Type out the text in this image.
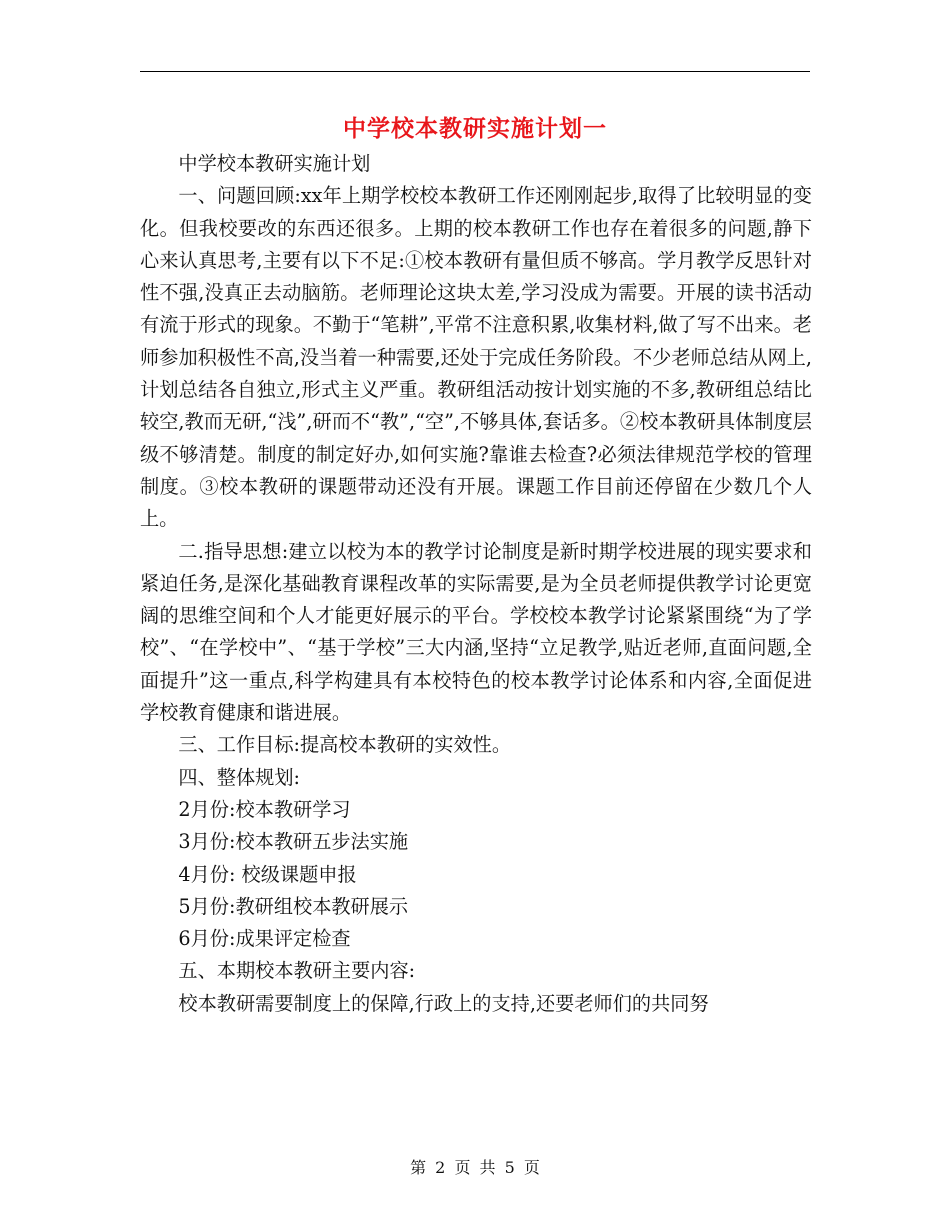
中学校本教研实施计划一

中学校本教研实施计划

一、问题回顾:xx年上期学校校本教研工作还刚刚起步,取得了比较明显的变化。但我校要改的东西还很多。上期的校本教研工作也存在着很多的问题,静下心来认真思考,主要有以下不足:①校本教研有量但质不够高。学月教学反思针对性不强,没真正去动脑筋。老师理论这块太差,学习没成为需要。开展的读书活动有流于形式的现象。不勤于“笔耕”,平常不注意积累,收集材料,做了写不出来。老师参加积极性不高,没当着一种需要,还处于完成任务阶段。不少老师总结从网上,计划总结各自独立,形式主义严重。教研组活动按计划实施的不多,教研组总结比较空,教而无研,“浅”,研而不“教”,“空”,不够具体,套话多。②校本教研具体制度层级不够清楚。制度的制定好办,如何实施?靠谁去检查?必须法律规范学校的管理制度。③校本教研的课题带动还没有开展。课题工作目前还停留在少数几个人上。

二.指导思想:建立以校为本的教学讨论制度是新时期学校进展的现实要求和紧迫任务,是深化基础教育课程改革的实际需要,是为全员老师提供教学讨论更宽阔的思维空间和个人才能更好展示的平台。学校校本教学讨论紧紧围绕“为了学校”、“在学校中”、“基于学校”三大内涵,坚持“立足教学,贴近老师,直面问题,全面提升”这一重点,科学构建具有本校特色的校本教学讨论体系和内容,全面促进学校教育健康和谐进展。

三、工作目标:提高校本教研的实效性。

四、整体规划:

2月份:校本教研学习

3月份:校本教研五步法实施

4月份: 校级课题申报

5月份:教研组校本教研展示

6月份:成果评定检查

五、本期校本教研主要内容:

校本教研需要制度上的保障,行政上的支持,还要老师们的共同努

第 2 页 共 5 页
